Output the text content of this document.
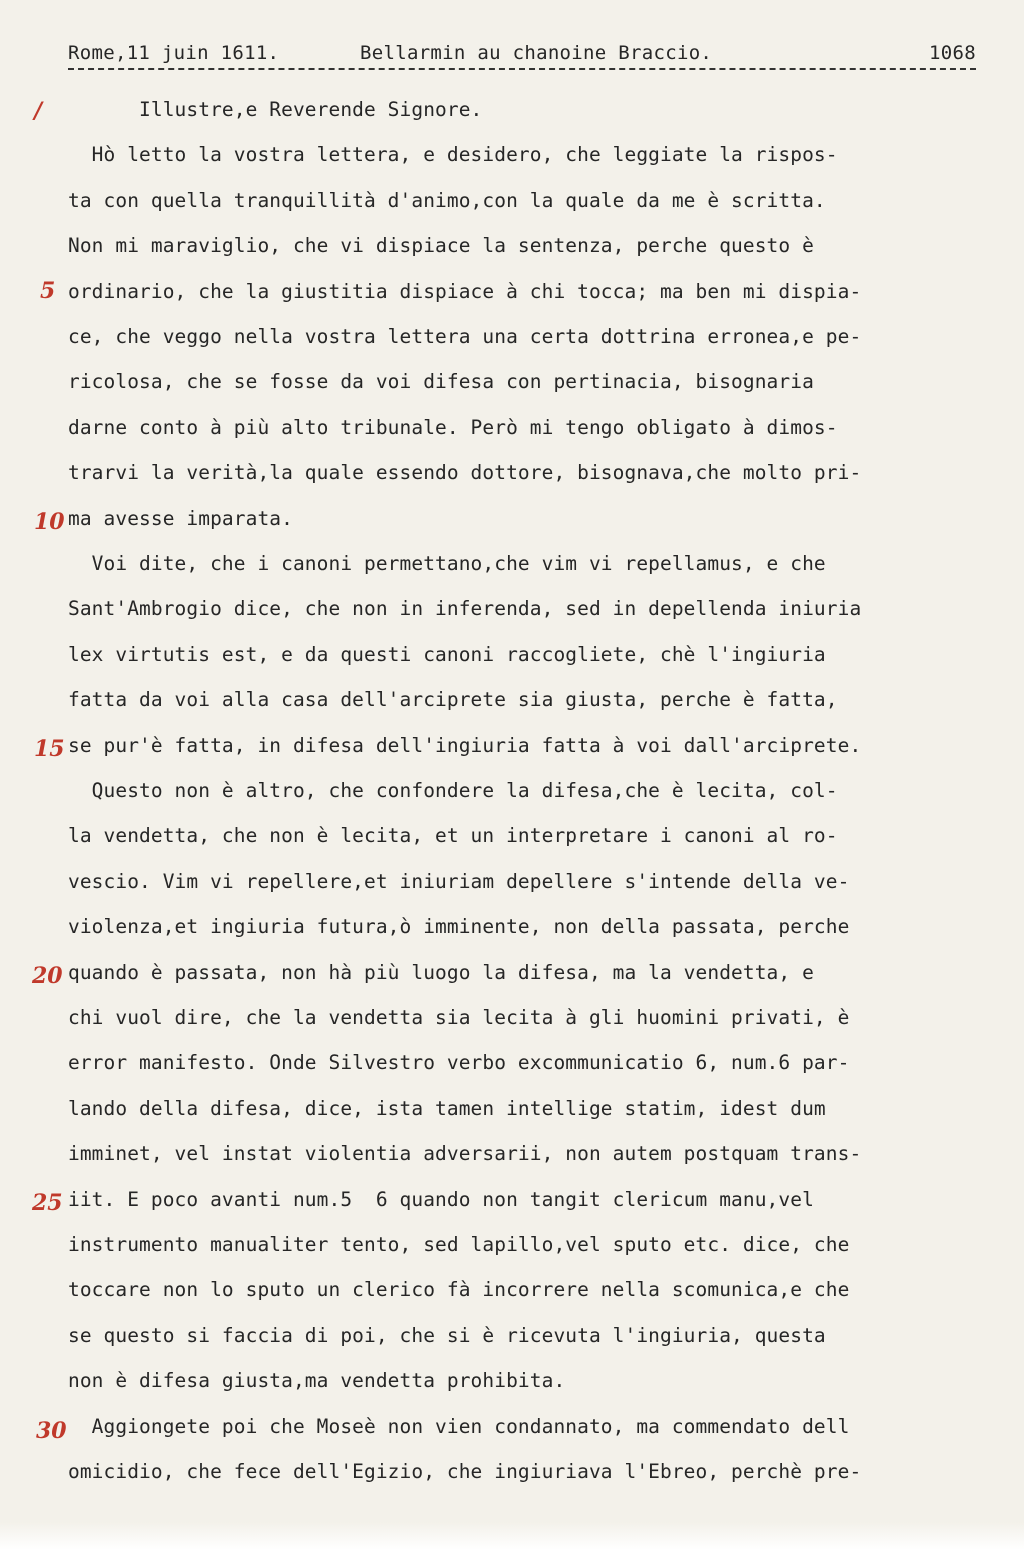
Rome,11 juin 1611.	Bellarmin au chanoine Braccio.	1068
Illustre,e Reverende Signore.
Hò letto la vostra lettera, e desidero, che leggiate la rispos-
ta con quella tranquillità d'animo,con la quale da me è scritta.
Non mi maraviglio, che vi dispiace la sentenza, perche questo è
ordinario, che la giustitia dispiace à chi tocca; ma ben mi dispia-
ce, che veggo nella vostra lettera una certa dottrina erronea,e pe-
ricolosa, che se fosse da voi difesa con pertinacia, bisognaria
darne conto à più alto tribunale. Però mi tengo obligato à dimos-
trarvi la verità,la quale essendo dottore, bisognava,che molto pri-
ma avesse imparata.
Voi dite, che i canoni permettano,che vim vi repellamus, e che
Sant'Ambrogio dice, che non in inferenda, sed in depellenda iniuria
lex virtutis est, e da questi canoni raccogliete, chè l'ingiuria
fatta da voi alla casa dell'arciprete sia giusta, perche è fatta,
se pur'è fatta, in difesa dell'ingiuria fatta à voi dall'arciprete.
Questo non è altro, che confondere la difesa,che è lecita, col-
la vendetta, che non è lecita, et un interpretare i canoni al ro-
vescio. Vim vi repellere,et iniuriam depellere s'intende della ve-
violenza,et ingiuria futura,ò imminente, non della passata, perche
quando è passata, non hà più luogo la difesa, ma la vendetta, e
chi vuol dire, che la vendetta sia lecita à gli huomini privati, è
error manifesto. Onde Silvestro verbo excommunicatio 6, num.6 par-
lando della difesa, dice, ista tamen intellige statim, idest dum
imminet, vel instat violentia adversarii, non autem postquam trans-
iit. E poco avanti num.5  6 quando non tangit clericum manu,vel
instrumento manualiter tento, sed lapillo,vel sputo etc. dice, che
toccare non lo sputo un clerico fà incorrere nella scomunica,e che
se questo si faccia di poi, che si è ricevuta l'ingiuria, questa
non è difesa giusta,ma vendetta prohibita.
Aggiongete poi che Moseè non vien condannato, ma commendato dell
omicidio, che fece dell'Egizio, che ingiuriava l'Ebreo, perchè pre-
/
5
10
15
20
25
30
